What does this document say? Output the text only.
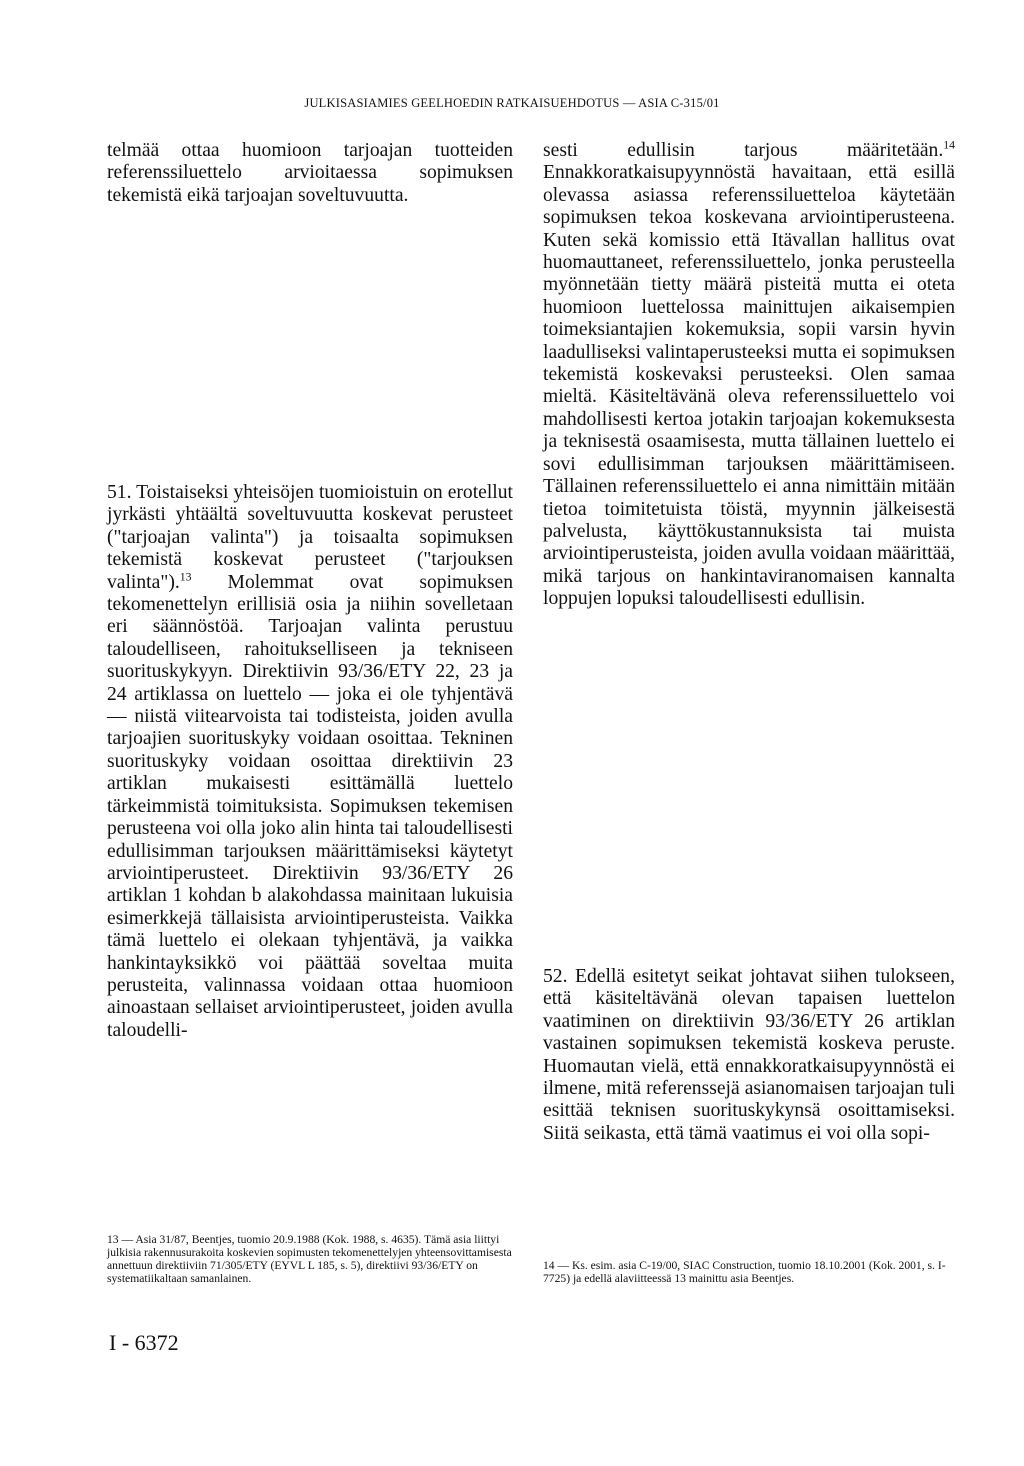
JULKISASIAMIES GEELHOEDIN RATKAISUEHDOTUS — ASIA C-315/01

telmää ottaa huomioon tarjoajan tuotteiden referenssiluettelo arvioitaessa sopimuksen tekemistä eikä tarjoajan soveltuvuutta.

51. Toistaiseksi yhteisöjen tuomioistuin on erotellut jyrkästi yhtäältä soveltuvuutta koskevat perusteet ("tarjoajan valinta") ja toisaalta sopimuksen tekemistä koskevat perusteet ("tarjouksen valinta").$^{13}$ Molemmat ovat sopimuksen tekomenettelyn erillisiä osia ja niihin sovelletaan eri säännöstöä. Tarjoajan valinta perustuu taloudelliseen, rahoitukselliseen ja tekniseen suorituskykyyn. Direktiivin 93/36/ETY 22, 23 ja 24 artiklassa on luettelo — joka ei ole tyhjentävä — niistä viitearvoista tai todisteista, joiden avulla tarjoajien suorituskyky voidaan osoittaa. Tekninen suorituskyky voidaan osoittaa direktiivin 23 artiklan mukaisesti esittämällä luettelo tärkeimmistä toimituksista. Sopimuksen tekemisen perusteena voi olla joko alin hinta tai taloudellisesti edullisimman tarjouksen määrittämiseksi käytetyt arviointiperusteet. Direktiivin 93/36/ETY 26 artiklan 1 kohdan b alakohdassa mainitaan lukuisia esimerkkejä tällaisista arviointiperusteista. Vaikka tämä luettelo ei olekaan tyhjentävä, ja vaikka hankintayksikkö voi päättää soveltaa muita perusteita, valinnassa voidaan ottaa huomioon ainoastaan sellaiset arviointiperusteet, joiden avulla taloudelli-

sesti edullisin tarjous määritetään.$^{14}$ Ennakkoratkaisupyynnöstä havaitaan, että esillä olevassa asiassa referenssiluetteloa käytetään sopimuksen tekoa koskevana arviointiperusteena. Kuten sekä komissio että Itävallan hallitus ovat huomauttaneet, referenssiluettelo, jonka perusteella myönnetään tietty määrä pisteitä mutta ei oteta huomioon luettelossa mainittujen aikaisempien toimeksiantajien kokemuksia, sopii varsin hyvin laadulliseksi valintaperusteeksi mutta ei sopimuksen tekemistä koskevaksi perusteeksi. Olen samaa mieltä. Käsiteltävänä oleva referenssiluettelo voi mahdollisesti kertoa jotakin tarjoajan kokemuksesta ja teknisestä osaamisesta, mutta tällainen luettelo ei sovi edullisimman tarjouksen määrittämiseen. Tällainen referenssiluettelo ei anna nimittäin mitään tietoa toimitetuista töistä, myynnin jälkeisestä palvelusta, käyttökustannuksista tai muista arviointiperusteista, joiden avulla voidaan määrittää, mikä tarjous on hankintaviranomaisen kannalta loppujen lopuksi taloudellisesti edullisin.

52. Edellä esitetyt seikat johtavat siihen tulokseen, että käsiteltävänä olevan tapaisen luettelon vaatiminen on direktiivin 93/36/ETY 26 artiklan vastainen sopimuksen tekemistä koskeva peruste. Huomautan vielä, että ennakkoratkaisupyynnöstä ei ilmene, mitä referenssejä asianomaisen tarjoajan tuli esittää teknisen suorituskykynsä osoittamiseksi. Siitä seikasta, että tämä vaatimus ei voi olla sopi-

13 — Asia 31/87, Beentjes, tuomio 20.9.1988 (Kok. 1988, s. 4635). Tämä asia liittyi julkisia rakennusurakoita koskevien sopimusten tekomenettelyjen yhteensovittamisesta annettuun direktiiviin 71/305/ETY (EYVL L 185, s. 5), direktiivi 93/36/ETY on systematiikaltaan samanlainen.
14 — Ks. esim. asia C-19/00, SIAC Construction, tuomio 18.10.2001 (Kok. 2001, s. I-7725) ja edellä alaviitteessä 13 mainittu asia Beentjes.
I - 6372
